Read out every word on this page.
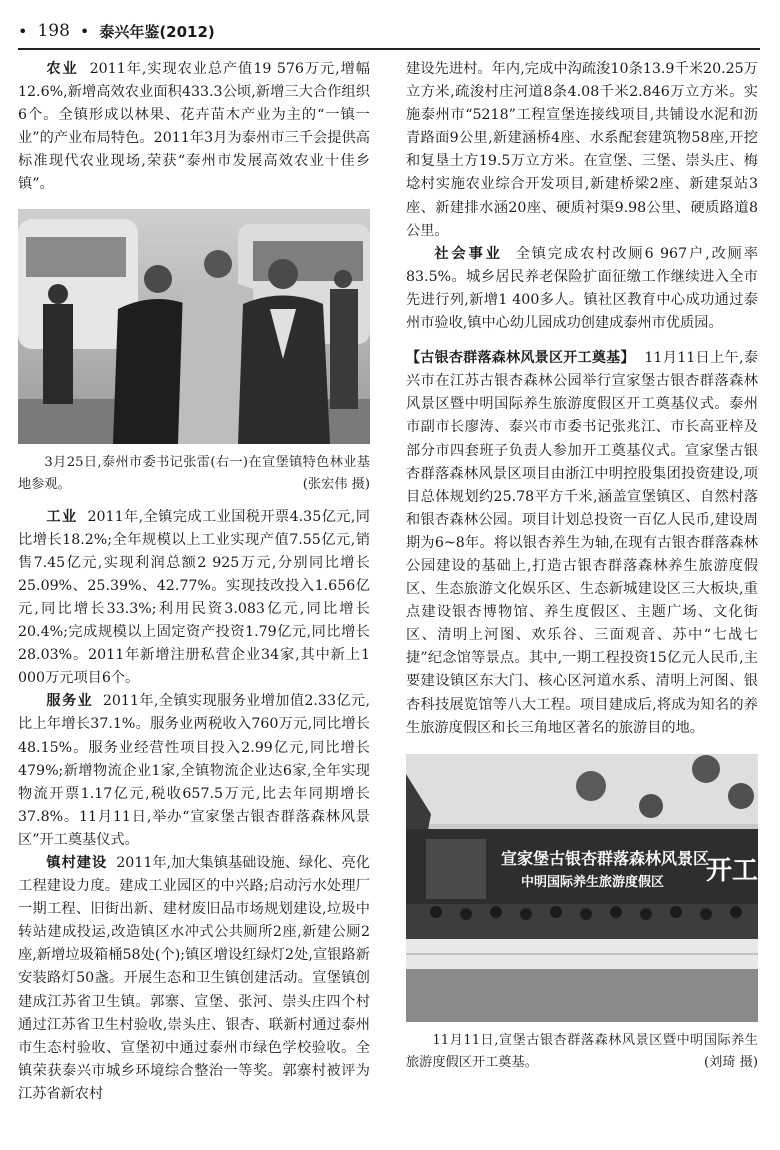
• 198 • 泰兴年鉴(2012)

农业 2011年,实现农业总产值19 576万元,增幅12.6%,新增高效农业面积433.3公顷,新增三大合作组织6个。全镇形成以林果、花卉苗木产业为主的“一镇一业”的产业布局特色。2011年3月为泰州市三千会提供高标准现代农业现场,荣获“泰州市发展高效农业十佳乡镇”。

3月25日,泰州市委书记张雷(右一)在宣堡镇特色林业基地参观。	(张宏伟 摄)

工业 2011年,全镇完成工业国税开票4.35亿元,同比增长18.2%;全年规模以上工业实现产值7.55亿元,销售7.45亿元,实现利润总额2 925万元,分别同比增长25.09%、25.39%、42.77%。实现技改投入1.656亿元,同比增长33.3%;利用民资3.083亿元,同比增长20.4%;完成规模以上固定资产投资1.79亿元,同比增长28.03%。2011年新增注册私营企业34家,其中新上1 000万元项目6个。

服务业 2011年,全镇实现服务业增加值2.33亿元,比上年增长37.1%。服务业两税收入760万元,同比增长48.15%。服务业经营性项目投入2.99亿元,同比增长479%;新增物流企业1家,全镇物流企业达6家,全年实现物流开票1.17亿元,税收657.5万元,比去年同期增长37.8%。11月11日,举办“宣家堡古银杏群落森林风景区”开工奠基仪式。

镇村建设 2011年,加大集镇基础设施、绿化、亮化工程建设力度。建成工业园区的中兴路;启动污水处理厂一期工程、旧街出新、建材废旧品市场规划建设,垃圾中转站建成投运,改造镇区水冲式公共厕所2座,新建公厕2座,新增垃圾箱桶58处(个);镇区增设红绿灯2处,宣银路新安装路灯50盏。开展生态和卫生镇创建活动。宣堡镇创建成江苏省卫生镇。郭寨、宣堡、张河、崇头庄四个村通过江苏省卫生村验收,崇头庄、银杏、联新村通过泰州市生态村验收、宣堡初中通过泰州市绿色学校验收。全镇荣获泰兴市城乡环境综合整治一等奖。郭寨村被评为江苏省新农村

建设先进村。年内,完成中沟疏浚10条13.9千米20.25万立方米,疏浚村庄河道8条4.08千米2.846万立方米。实施泰州市“5218”工程宣堡连接线项目,共铺设水泥和沥青路面9公里,新建涵桥4座、水系配套建筑物58座,开挖和复垦土方19.5万立方米。在宣堡、三堡、崇头庄、梅埝村实施农业综合开发项目,新建桥梁2座、新建泵站3座、新建排水涵20座、硬质衬渠9.98公里、硬质路道8公里。

社会事业 全镇完成农村改厕6 967户,改厕率83.5%。城乡居民养老保险扩面征缴工作继续进入全市先进行列,新增1 400多人。镇社区教育中心成功通过泰州市验收,镇中心幼儿园成功创建成泰州市优质园。

【古银杏群落森林风景区开工奠基】 11月11日上午,泰兴市在江苏古银杏森林公园举行宣家堡古银杏群落森林风景区暨中明国际养生旅游度假区开工奠基仪式。泰州市副市长廖涛、泰兴市市委书记张兆江、市长高亚梓及部分市四套班子负责人参加开工奠基仪式。宣家堡古银杏群落森林风景区项目由浙江中明控股集团投资建设,项目总体规划约25.78平方千米,涵盖宣堡镇区、自然村落和银杏森林公园。项目计划总投资一百亿人民币,建设周期为6~8年。将以银杏养生为轴,在现有古银杏群落森林公园建设的基础上,打造古银杏群落森林养生旅游度假区、生态旅游文化娱乐区、生态新城建设区三大板块,重点建设银杏博物馆、养生度假区、主题广场、文化街区、清明上河图、欢乐谷、三面观音、苏中“七战七捷”纪念馆等景点。其中,一期工程投资15亿元人民币,主要建设镇区东大门、核心区河道水系、清明上河图、银杏科技展览馆等八大工程。项目建成后,将成为知名的养生旅游度假区和长三角地区著名的旅游目的地。

宣家堡古银杏群落森林风景区
中明国际养生旅游度假区 开工
11月11日,宣堡古银杏群落森林风景区暨中明国际养生旅游度假区开工奠基。	(刘琦 摄)
